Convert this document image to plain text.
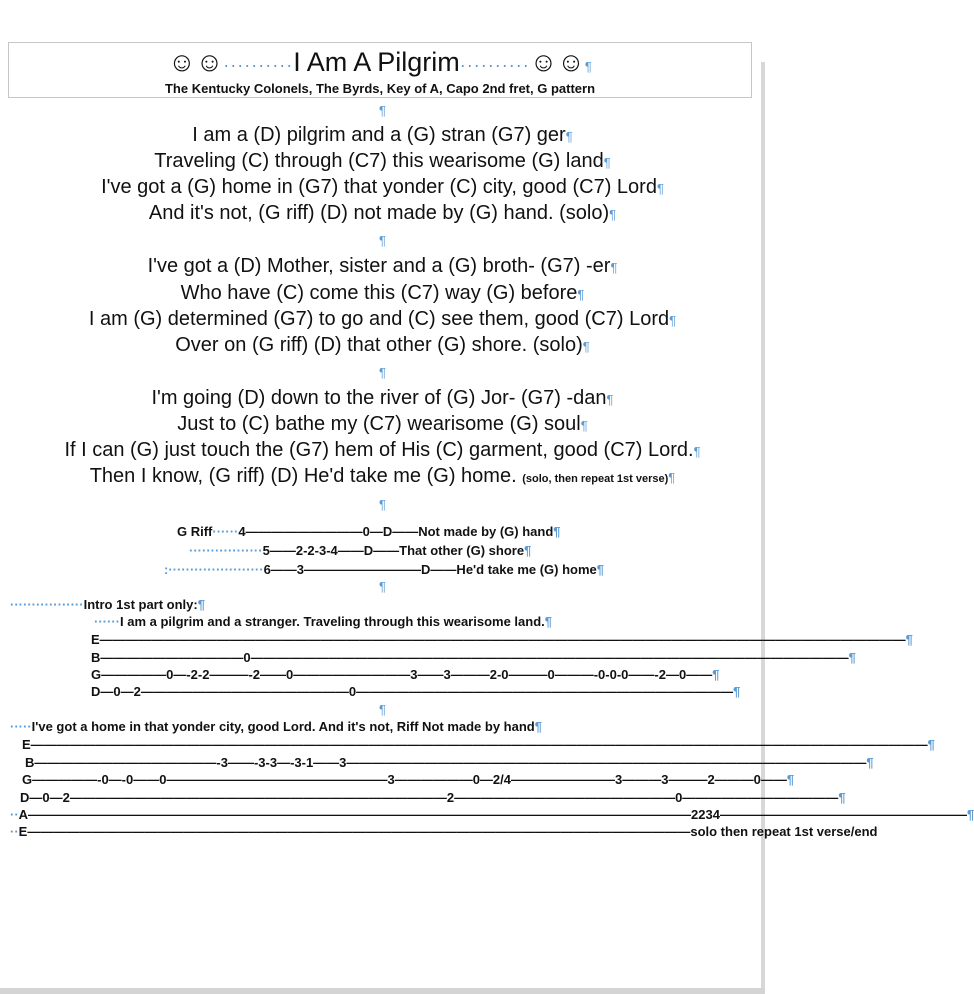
☺☺··········I Am A Pilgrim··········☺☺¶
The Kentucky Colonels, The Byrds, Key of A, Capo 2nd fret, G pattern
¶
I am a (D) pilgrim and a (G) stran (G7) ger¶
Traveling (C) through (C7) this wearisome (G) land¶
I've got a (G) home in (G7) that yonder (C) city, good (C7) Lord¶
And it's not, (G riff) (D) not made by (G) hand. (solo)¶
¶
I've got a (D) Mother, sister and a (G) broth- (G7) -er¶
Who have (C) come this (C7) way (G) before¶
I am (G) determined (G7) to go and (C) see them, good (C7) Lord¶
Over on (G riff) (D) that other (G) shore. (solo)¶
¶
I'm going (D) down to the river of (G) Jor- (G7) -dan¶
Just to (C) bathe my (C7) wearisome (G) soul¶
If I can (G) just touch the (G7) hem of His (C) garment, good (C7) Lord.¶
Then I know, (G riff) (D) He'd take me (G) home. (solo, then repeat 1st verse)¶
¶
G Riff······4—————————0—D——Not made by (G) hand¶
·················5——2-2-3-4——D——That other (G) shore¶
:······················6——3—————————D——He'd take me (G) home¶
¶
·················Intro 1st part only:¶
······I am a pilgrim and a stranger. Traveling through this wearisome land.¶
E——————————————————————————————————————————————————————————————¶
B———————————0——————————————————————————————————————————————¶
G—————0—-2-2———-2——0—————————3——3———2-0———0———-0-0-0——-2—0——¶
D—0—2————————————————0—————————————————————————————¶
¶
·····I've got a home in that yonder city, good Lord. And it's not, Riff Not made by hand¶
E—————————————————————————————————————————————————————————————————————¶
B——————————————-3——-3-3—-3-1——3————————————————————————————————————————¶
G—————-0—-0——0—————————————————3——————0—2/4————————3———3———2———0——¶
D—0—2—————————————————————————————2—————————————————0————————————¶
··A———————————————————————————————————————————————————2234———————————————————¶
··E———————————————————————————————————————————————————solo then repeat 1st verse/end
